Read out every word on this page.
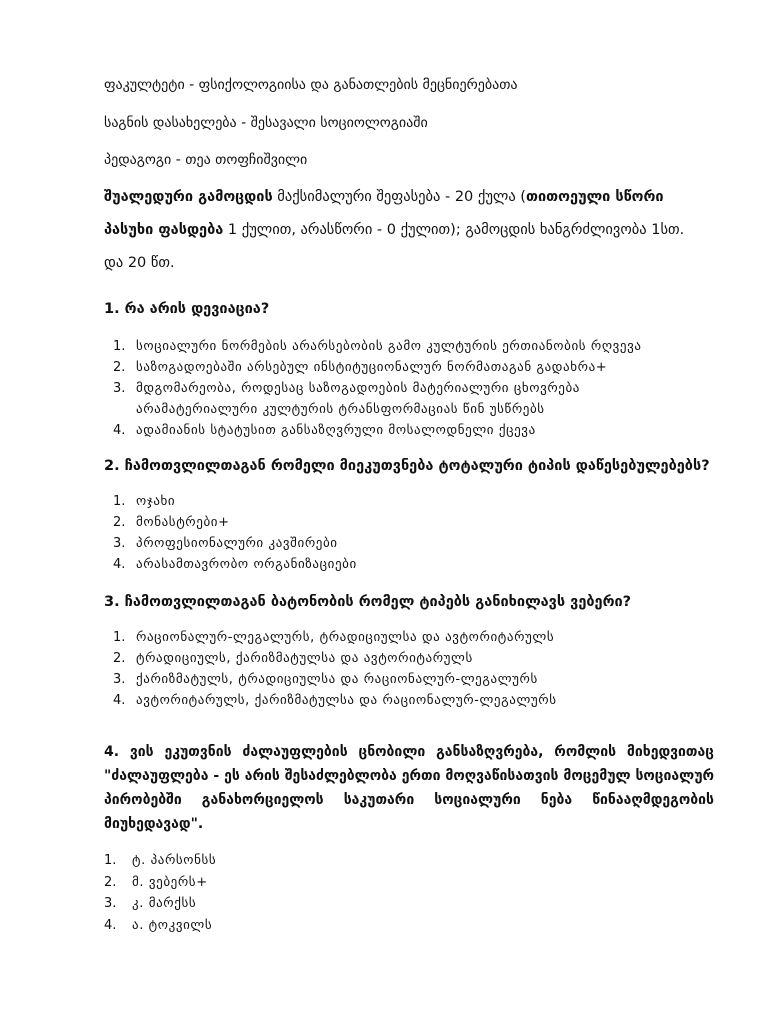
ფაკულტეტი - ფსიქოლოგიისა და განათლების მეცნიერებათა
საგნის დასახელება - შესავალი სოციოლოგიაში
პედაგოგი - თეა თოფჩიშვილი
შუალედური გამოცდის მაქსიმალური შეფასება - 20 ქულა (თითოეული სწორი პასუხი ფასდება 1 ქულით, არასწორი - 0 ქულით); გამოცდის ხანგრძლივობა 1სთ. და 20 წთ.
1. რა არის დევიაცია?
1. სოციალური ნორმების არარსებობის გამო კულტურის ერთიანობის რღვევა
2. საზოგადოებაში არსებულ ინსტიტუციონალურ ნორმათაგან გადახრა+
3. მდგომარეობა, როდესაც საზოგადოების მატერიალური ცხოვრება არამატერიალური კულტურის ტრანსფორმაციას წინ უსწრებს
4. ადამიანის სტატუსით განსაზღვრული მოსალოდნელი ქცევა
2. ჩამოთვლილთაგან რომელი მიეკუთვნება ტოტალური ტიპის დაწესებულებებს?
1. ოჯახი
2. მონასტრები+
3. პროფესიონალური კავშირები
4. არასამთავრობო ორგანიზაციები
3. ჩამოთვლილთაგან ბატონობის რომელ ტიპებს განიხილავს ვებერი?
1. რაციონალურ-ლეგალურს, ტრადიციულსა და ავტორიტარულს
2. ტრადიციულს, ქარიზმატულსა და ავტორიტარულს
3. ქარიზმატულს, ტრადიციულსა და რაციონალურ-ლეგალურს
4. ავტორიტარულს, ქარიზმატულსა და რაციონალურ-ლეგალურს
4. ვის ეკუთვნის ძალაუფლების ცნობილი განსაზღვრება, რომლის მიხედვითაც "ძალაუფლება - ეს არის შესაძლებლობა ერთი მოღვაწისათვის მოცემულ სოციალურ პირობებში განახორციელოს საკუთარი სოციალური ნება წინააღმდეგობის მიუხედავად".
1. ტ. პარსონსს
2. მ. ვებერს+
3. კ. მარქსს
4. ა. ტოკვილს
